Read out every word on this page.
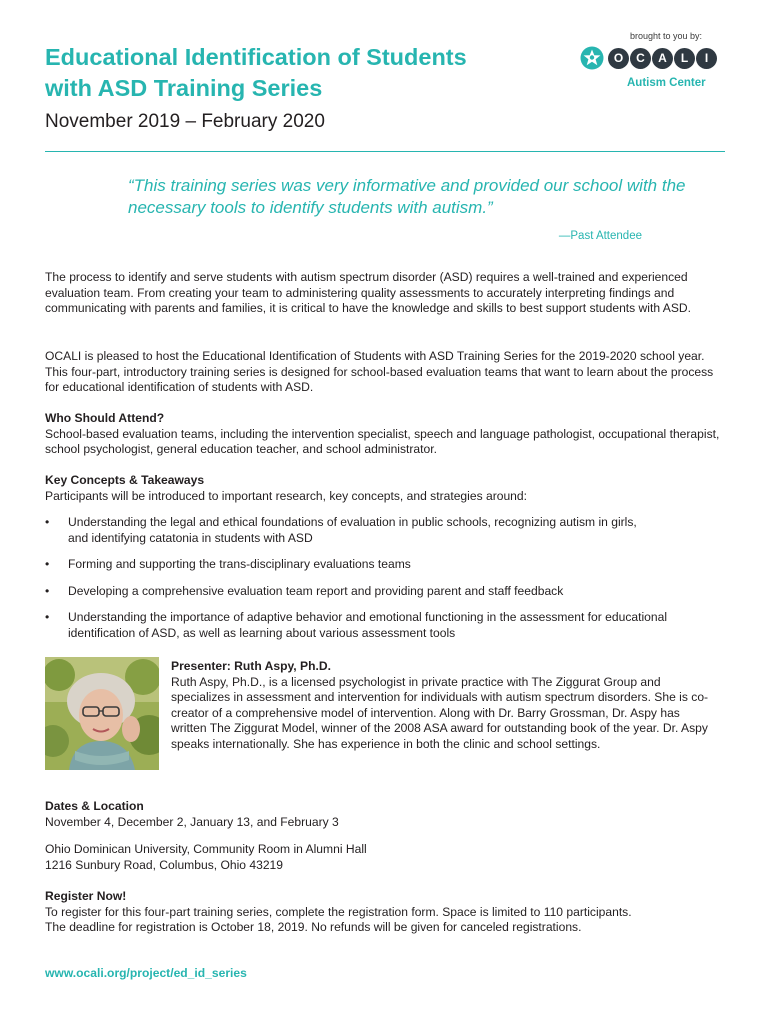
brought to you by:
O	C	A	L	I
Autism Center
Educational Identification of Students
with ASD Training Series
November 2019 – February 2020

“This training series was very informative and provided our school with the necessary tools to identify students with autism.”

—Past Attendee

The process to identify and serve students with autism spectrum disorder (ASD) requires a well-trained and experienced evaluation team. From creating your team to administering quality assessments to accurately interpreting findings and communicating with parents and families, it is critical to have the knowledge and skills to best support students with ASD.

OCALI is pleased to host the Educational Identification of Students with ASD Training Series for the 2019-2020 school year. This four-part, introductory training series is designed for school-based evaluation teams that want to learn about the process for educational identification of students with ASD.

Who Should Attend?
School-based evaluation teams, including the intervention specialist, speech and language pathologist, occupational therapist, school psychologist, general education teacher, and school administrator.
Key Concepts & Takeaways
Participants will be introduced to important research, key concepts, and strategies around:
• Understanding the legal and ethical foundations of evaluation in public schools, recognizing autism in girls,
and identifying catatonia in students with ASD
• Forming and supporting the trans-disciplinary evaluations teams
• Developing a comprehensive evaluation team report and providing parent and staff feedback
• Understanding the importance of adaptive behavior and emotional functioning in the assessment for educational
identification of ASD, as well as learning about various assessment tools
Presenter: Ruth Aspy, Ph.D.
Ruth Aspy, Ph.D., is a licensed psychologist in private practice with The Ziggurat Group and specializes in assessment and intervention for individuals with autism spectrum disorders. She is co-creator of a comprehensive model of intervention. Along with Dr. Barry Grossman, Dr. Aspy has written The Ziggurat Model, winner of the 2008 ASA award for outstanding book of the year. Dr. Aspy speaks internationally. She has experience in both the clinic and school settings.
Dates & Location
November 4, December 2, January 13, and February 3
Ohio Dominican University, Community Room in Alumni Hall
1216 Sunbury Road, Columbus, Ohio 43219
Register Now!
To register for this four-part training series, complete the registration form. Space is limited to 110 participants.
The deadline for registration is October 18, 2019. No refunds will be given for canceled registrations.
www.ocali.org/project/ed_id_series
